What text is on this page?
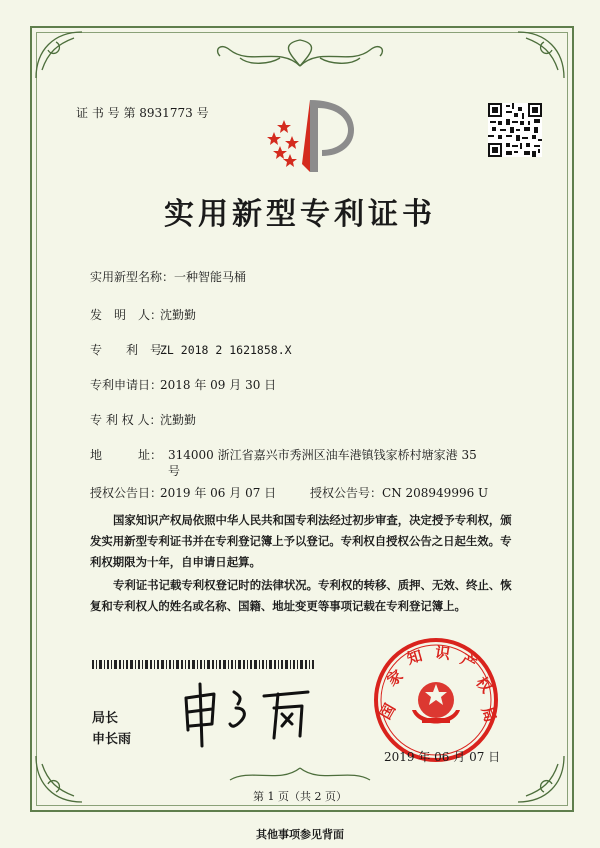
证 书 号 第 8931773 号
实用新型专利证书
实用新型名称：一种智能马桶
发　明　人：沈勤勤
专　　利　号：ZL 2018 2 1621858.X
专利申请日：2018 年 09 月 30 日
专 利 权 人：沈勤勤
地　　　址： 314000 浙江省嘉兴市秀洲区油车港镇钱家桥村塘家港 35
号
授权公告日：2019 年 06 月 07 日	授权公告号：CN 208949996 U
国家知识产权局依照中华人民共和国专利法经过初步审查，决定授予专利权，颁发实用新型专利证书并在专利登记簿上予以登记。专利权自授权公告之日起生效。专利权期限为十年，自申请日起算。
专利证书记载专利权登记时的法律状况。专利权的转移、质押、无效、终止、恢复和专利权人的姓名或名称、国籍、地址变更等事项记载在专利登记簿上。
局长
申长雨
国
家
知 识 产
权
局
2019 年 06 月 07 日
第 1 页（共 2 页）
其他事项参见背面
